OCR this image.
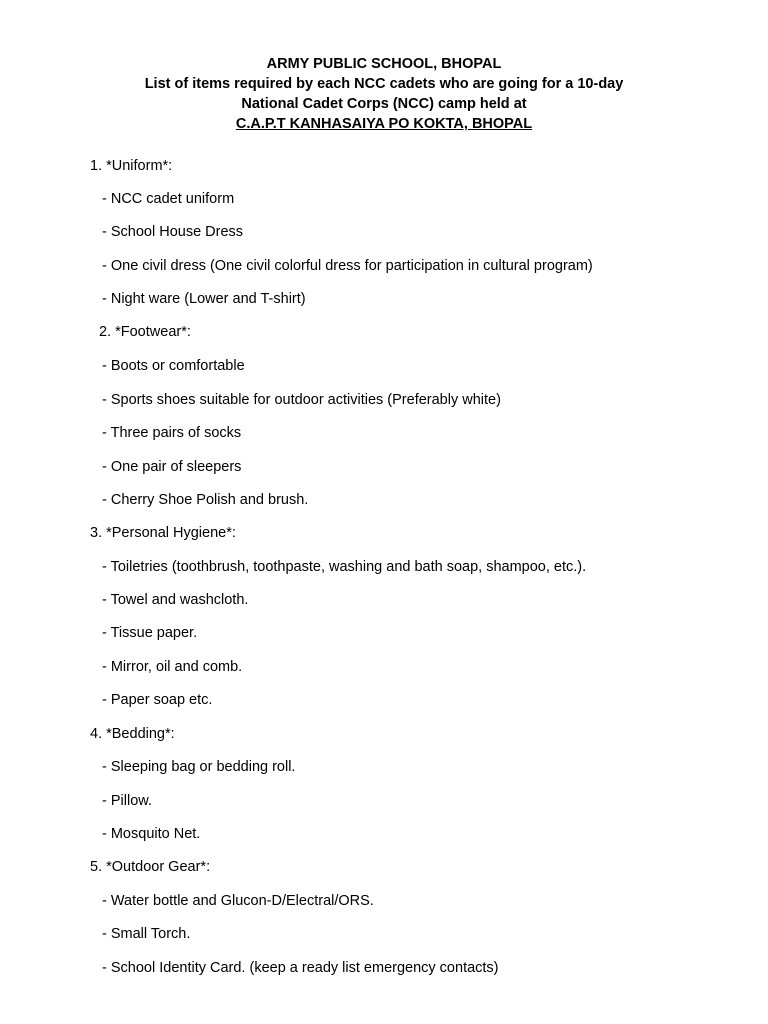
ARMY PUBLIC SCHOOL, BHOPAL
List of items required by each NCC cadets who are going for a 10-day
National Cadet Corps (NCC) camp held at
C.A.P.T KANHASAIYA PO KOKTA, BHOPAL
1. *Uniform*:
- NCC cadet uniform
- School House Dress
- One civil dress (One civil colorful dress for participation in cultural program)
- Night ware (Lower and T-shirt)
2. *Footwear*:
- Boots or comfortable
- Sports shoes suitable for outdoor activities (Preferably white)
- Three pairs of socks
- One pair of sleepers
- Cherry Shoe Polish and brush.
3. *Personal Hygiene*:
- Toiletries (toothbrush, toothpaste, washing and bath soap, shampoo, etc.).
- Towel and washcloth.
- Tissue paper.
- Mirror, oil and comb.
- Paper soap etc.
4. *Bedding*:
- Sleeping bag or bedding roll.
- Pillow.
- Mosquito Net.
5. *Outdoor Gear*:
- Water bottle and Glucon-D/Electral/ORS.
- Small Torch.
- School Identity Card. (keep a ready list emergency contacts)
